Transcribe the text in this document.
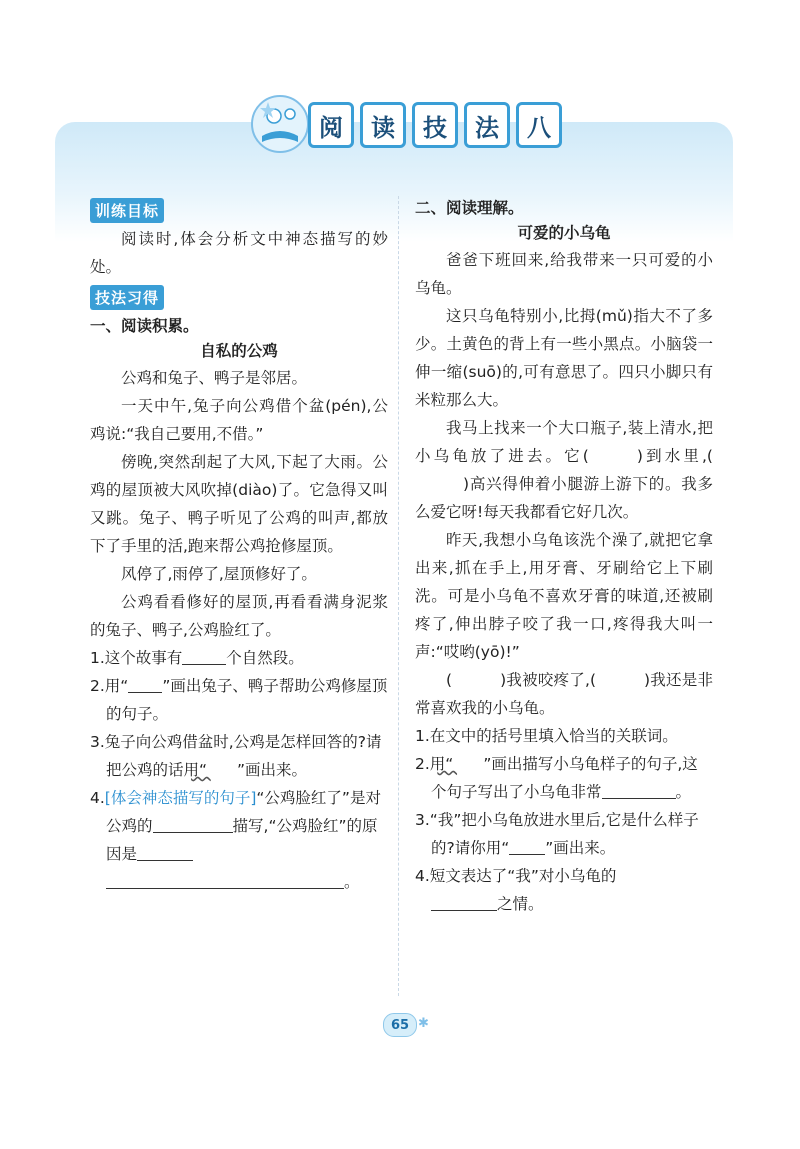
阅	读	技	法	八
训练目标

阅读时,体会分析文中神态描写的妙处。

技法习得
一、阅读积累。
自私的公鸡

公鸡和兔子、鸭子是邻居。

一天中午,兔子向公鸡借个盆(pén),公鸡说:“我自己要用,不借。”

傍晚,突然刮起了大风,下起了大雨。公鸡的屋顶被大风吹掉(diào)了。它急得又叫又跳。兔子、鸭子听见了公鸡的叫声,都放下了手里的活,跑来帮公鸡抢修屋顶。

风停了,雨停了,屋顶修好了。

公鸡看看修好的屋顶,再看看满身泥浆的兔子、鸭子,公鸡脸红了。

1.这个故事有	个自然段。
2.用“ ”画出兔子、鸭子帮助公鸡修屋顶的句子。
3.兔子向公鸡借盆时,公鸡是怎样回答的?请把公鸡的话用“ ”画出来。
4.[体会神态描写的句子]“公鸡脸红了”是对公鸡的	描写,“公鸡脸红”的原因是
。
二、阅读理解。
可爱的小乌龟

爸爸下班回来,给我带来一只可爱的小乌龟。

这只乌龟特别小,比拇(mǔ)指大不了多少。土黄色的背上有一些小黑点。小脑袋一伸一缩(suō)的,可有意思了。四只小脚只有米粒那么大。

我马上找来一个大口瓶子,装上清水,把小乌龟放了进去。它(	)到水里,()高兴得伸着小腿游上游下的。我多么爱它呀!每天我都看它好几次。

昨天,我想小乌龟该洗个澡了,就把它拿出来,抓在手上,用牙膏、牙刷给它上下刷洗。可是小乌龟不喜欢牙膏的味道,还被刷疼了,伸出脖子咬了我一口,疼得我大叫一声:“哎哟(yō)!”

(	)我被咬疼了,(	)我还是非常喜欢我的小乌龟。

1.在文中的括号里填入恰当的关联词。
2.用“ ”画出描写小乌龟样子的句子,这个句子写出了小乌龟非常	。
3.“我”把小乌龟放进水里后,它是什么样子的?请你用“ ”画出来。
4.短文表达了“我”对小乌龟的
之情。
65 ✱
